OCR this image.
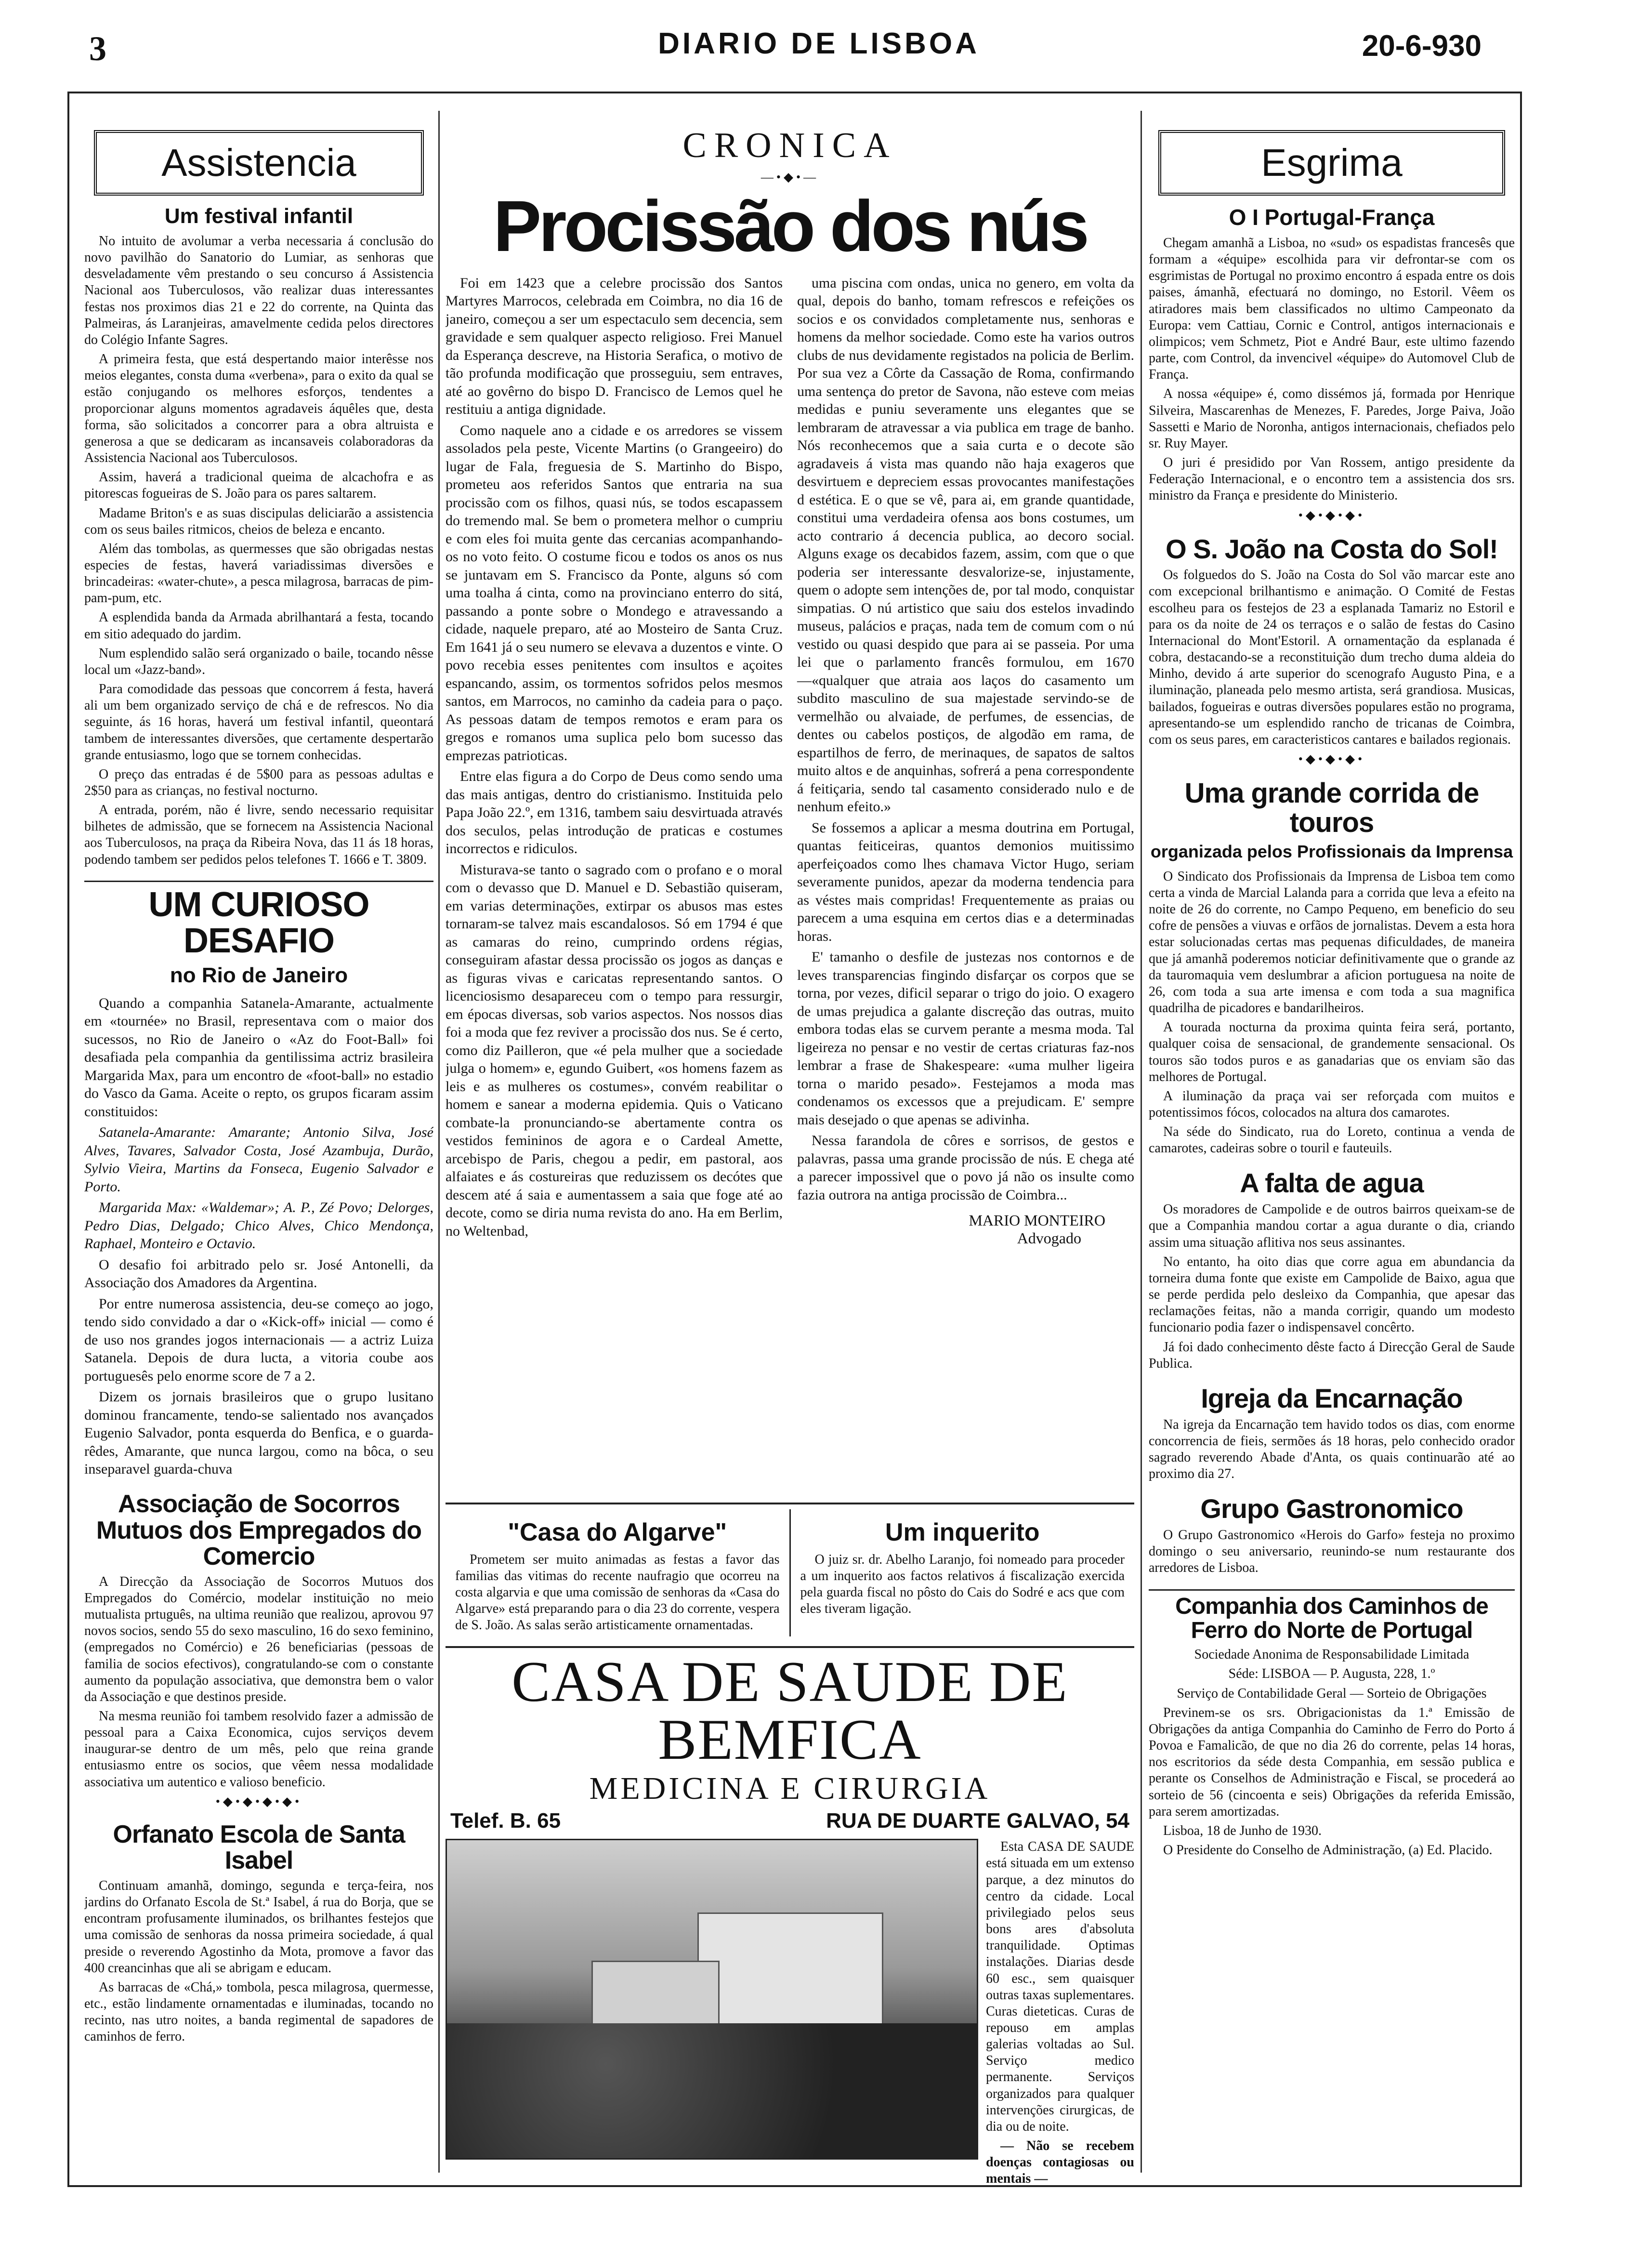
3	DIARIO DE LISBOA	20-6-930
Assistencia
Um festival infantil

No intuito de avolumar a verba necessaria á conclusão do novo pavilhão do Sanatorio do Lumiar, as senhoras que desveladamente vêm prestando o seu concurso á Assistencia Nacional aos Tuberculosos, vão realizar duas interessantes festas nos proximos dias 21 e 22 do corrente, na Quinta das Palmeiras, ás Laranjeiras, amavelmente cedida pelos directores do Colégio Infante Sagres.

A primeira festa, que está despertando maior interêsse nos meios elegantes, consta duma «verbena», para o exito da qual se estão conjugando os melhores esforços, tendentes a proporcionar alguns momentos agradaveis áquêles que, desta forma, são solicitados a concorrer para a obra altruista e generosa a que se dedicaram as incansaveis colaboradoras da Assistencia Nacional aos Tuberculosos.

Assim, haverá a tradicional queima de alcachofra e as pitorescas fogueiras de S. João para os pares saltarem.

Madame Briton's e as suas discipulas deliciarão a assistencia com os seus bailes ritmicos, cheios de beleza e encanto.

Além das tombolas, as quermesses que são obrigadas nestas especies de festas, haverá variadissimas diversões e brincadeiras: «water-chute», a pesca milagrosa, barracas de pim-pam-pum, etc.

A esplendida banda da Armada abrilhantará a festa, tocando em sitio adequado do jardim.

Num esplendido salão será organizado o baile, tocando nêsse local um «Jazz-band».

Para comodidade das pessoas que concorrem á festa, haverá ali um bem organizado serviço de chá e de refrescos. No dia seguinte, ás 16 horas, haverá um festival infantil, queontará tambem de interessantes diversões, que certamente despertarão grande entusiasmo, logo que se tornem conhecidas.

O preço das entradas é de 5$00 para as pessoas adultas e 2$50 para as crianças, no festival nocturno.

A entrada, porém, não é livre, sendo necessario requisitar bilhetes de admissão, que se fornecem na Assistencia Nacional aos Tuberculosos, na praça da Ribeira Nova, das 11 ás 18 horas, podendo tambem ser pedidos pelos telefones T. 1666 e T. 3809.

UM CURIOSO DESAFIO
no Rio de Janeiro

Quando a companhia Satanela-Amarante, actualmente em «tournée» no Brasil, representava com o maior dos sucessos, no Rio de Janeiro o «Az do Foot-Ball» foi desafiada pela companhia da gentilissima actriz brasileira Margarida Max, para um encontro de «foot-ball» no estadio do Vasco da Gama. Aceite o repto, os grupos ficaram assim constituidos:

Satanela-Amarante: Amarante; Antonio Silva, José Alves, Tavares, Salvador Costa, José Azambuja, Durão, Sylvio Vieira, Martins da Fonseca, Eugenio Salvador e Porto.

Margarida Max: «Waldemar»; A. P., Zé Povo; Delorges, Pedro Dias, Delgado; Chico Alves, Chico Mendonça, Raphael, Monteiro e Octavio.

O desafio foi arbitrado pelo sr. José Antonelli, da Associação dos Amadores da Argentina.

Por entre numerosa assistencia, deu-se começo ao jogo, tendo sido convidado a dar o «Kick-off» inicial — como é de uso nos grandes jogos internacionais — a actriz Luiza Satanela. Depois de dura lucta, a vitoria coube aos portuguesês pelo enorme score de 7 a 2.

Dizem os jornais brasileiros que o grupo lusitano dominou francamente, tendo-se salientado nos avançados Eugenio Salvador, ponta esquerda do Benfica, e o guarda-rêdes, Amarante, que nunca largou, como na bôca, o seu inseparavel guarda-chuva

Associação de Socorros Mutuos dos Empregados do Comercio

A Direcção da Associação de Socorros Mutuos dos Empregados do Comércio, modelar instituição no meio mutualista prtuguês, na ultima reunião que realizou, aprovou 97 novos socios, sendo 55 do sexo masculino, 16 do sexo feminino, (empregados no Comércio) e 26 beneficiarias (pessoas de familia de socios efectivos), congratulando-se com o constante aumento da população associativa, que demonstra bem o valor da Associação e que destinos preside.

Na mesma reunião foi tambem resolvido fazer a admissão de pessoal para a Caixa Economica, cujos serviços devem inaugurar-se dentro de um mês, pelo que reina grande entusiasmo entre os socios, que vêem nessa modalidade associativa um autentico e valioso beneficio.

•◆•◆•◆•◆•
Orfanato Escola de Santa Isabel

Continuam amanhã, domingo, segunda e terça-feira, nos jardins do Orfanato Escola de St.ª Isabel, á rua do Borja, que se encontram profusamente iluminados, os brilhantes festejos que uma comissão de senhoras da nossa primeira sociedade, á qual preside o reverendo Agostinho da Mota, promove a favor das 400 creancinhas que ali se abrigam e educam.

As barracas de «Chá,» tombola, pesca milagrosa, quermesse, etc., estão lindamente ornamentadas e iluminadas, tocando no recinto, nas utro noites, a banda regimental de sapadores de caminhos de ferro.

CRONICA
—•◆•—
Procissão dos nús

Foi em 1423 que a celebre procissão dos Santos Martyres Marrocos, celebrada em Coimbra, no dia 16 de janeiro, começou a ser um espectaculo sem decencia, sem gravidade e sem qualquer aspecto religioso. Frei Manuel da Esperança descreve, na Historia Serafica, o motivo de tão profunda modificação que prosseguiu, sem entraves, até ao govêrno do bispo D. Francisco de Lemos quel he restituiu a antiga dignidade.

Como naquele ano a cidade e os arredores se vissem assolados pela peste, Vicente Martins (o Grangeeiro) do lugar de Fala, freguesia de S. Martinho do Bispo, prometeu aos referidos Santos que entraria na sua procissão com os filhos, quasi nús, se todos escapassem do tremendo mal. Se bem o prometera melhor o cumpriu e com eles foi muita gente das cercanias acompanhando-os no voto feito. O costume ficou e todos os anos os nus se juntavam em S. Francisco da Ponte, alguns só com uma toalha á cinta, como na provinciano enterro do sitá, passando a ponte sobre o Mondego e atravessando a cidade, naquele preparo, até ao Mosteiro de Santa Cruz. Em 1641 já o seu numero se elevava a duzentos e vinte. O povo recebia esses penitentes com insultos e açoites espancando, assim, os tormentos sofridos pelos mesmos santos, em Marrocos, no caminho da cadeia para o paço. As pessoas datam de tempos remotos e eram para os gregos e romanos uma suplica pelo bom sucesso das emprezas patrioticas.

Entre elas figura a do Corpo de Deus como sendo uma das mais antigas, dentro do cristianismo. Instituida pelo Papa João 22.º, em 1316, tambem saiu desvirtuada através dos seculos, pelas introdução de praticas e costumes incorrectos e ridiculos.

Misturava-se tanto o sagrado com o profano e o moral com o devasso que D. Manuel e D. Sebastião quiseram, em varias determinações, extirpar os abusos mas estes tornaram-se talvez mais escandalosos. Só em 1794 é que as camaras do reino, cumprindo ordens régias, conseguiram afastar dessa procissão os jogos as danças e as figuras vivas e caricatas representando santos. O licenciosismo desapareceu com o tempo para ressurgir, em épocas diversas, sob varios aspectos. Nos nossos dias foi a moda que fez reviver a procissão dos nus. Se é certo, como diz Pailleron, que «é pela mulher que a sociedade julga o homem» e, egundo Guibert, «os homens fazem as leis e as mulheres os costumes», convém reabilitar o homem e sanear a moderna epidemia. Quis o Vaticano combate-la pronunciando-se abertamente contra os vestidos femininos de agora e o Cardeal Amette, arcebispo de Paris, chegou a pedir, em pastoral, aos alfaiates e ás costureiras que reduzissem os decótes que descem até á saia e aumentassem a saia que foge até ao decote, como se diria numa revista do ano. Ha em Berlim, no Weltenbad,

uma piscina com ondas, unica no genero, em volta da qual, depois do banho, tomam refrescos e refeições os socios e os convidados completamente nus, senhoras e homens da melhor sociedade. Como este ha varios outros clubs de nus devidamente registados na policia de Berlim. Por sua vez a Côrte da Cassação de Roma, confirmando uma sentença do pretor de Savona, não esteve com meias medidas e puniu severamente uns elegantes que se lembraram de atravessar a via publica em trage de banho. Nós reconhecemos que a saia curta e o decote são agradaveis á vista mas quando não haja exageros que desvirtuem e depreciem essas provocantes manifestações d estética. E o que se vê, para ai, em grande quantidade, constitui uma verdadeira ofensa aos bons costumes, um acto contrario á decencia publica, ao decoro social. Alguns exage os decabidos fazem, assim, com que o que poderia ser interessante desvalorize-se, injustamente, quem o adopte sem intenções de, por tal modo, conquistar simpatias. O nú artistico que saiu dos estelos invadindo museus, palácios e praças, nada tem de comum com o nú vestido ou quasi despido que para ai se passeia. Por uma lei que o parlamento francês formulou, em 1670 —«qualquer que atraia aos laços do casamento um subdito masculino de sua majestade servindo-se de vermelhão ou alvaiade, de perfumes, de essencias, de dentes ou cabelos postiços, de algodão em rama, de espartilhos de ferro, de merinaques, de sapatos de saltos muito altos e de anquinhas, sofrerá a pena correspondente á feitiçaria, sendo tal casamento considerado nulo e de nenhum efeito.»

Se fossemos a aplicar a mesma doutrina em Portugal, quantas feiticeiras, quantos demonios muitissimo aperfeiçoados como lhes chamava Victor Hugo, seriam severamente punidos, apezar da moderna tendencia para as véstes mais compridas! Frequentemente as praias ou parecem a uma esquina em certos dias e a determinadas horas.

E' tamanho o desfile de justezas nos contornos e de leves transparencias fingindo disfarçar os corpos que se torna, por vezes, dificil separar o trigo do joio. O exagero de umas prejudica a galante discreção das outras, muito embora todas elas se curvem perante a mesma moda. Tal ligeireza no pensar e no vestir de certas criaturas faz-nos lembrar a frase de Shakespeare: «uma mulher ligeira torna o marido pesado». Festejamos a moda mas condenamos os excessos que a prejudicam. E' sempre mais desejado o que apenas se adivinha.

Nessa farandola de côres e sorrisos, de gestos e palavras, passa uma grande procissão de nús. E chega até a parecer impossivel que o povo já não os insulte como fazia outrora na antiga procissão de Coimbra...

MARIO MONTEIRO
Advogado
"Casa do Algarve"

Prometem ser muito animadas as festas a favor das familias das vitimas do recente naufragio que ocorreu na costa algarvia e que uma comissão de senhoras da «Casa do Algarve» está preparando para o dia 23 do corrente, vespera de S. João. As salas serão artisticamente ornamentadas.

Um inquerito

O juiz sr. dr. Abelho Laranjo, foi nomeado para proceder a um inquerito aos factos relativos á fiscalização exercida pela guarda fiscal no pôsto do Cais do Sodré e acs que com eles tiveram ligação.

CASA DE SAUDE DE BEMFICA
MEDICINA E CIRURGIA
Telef. B. 65	RUA DE DUARTE GALVAO, 54

Esta CASA DE SAUDE está situada em um extenso parque, a dez minutos do centro da cidade. Local privilegiado pelos seus bons ares d'absoluta tranquilidade. Optimas instalações. Diarias desde 60 esc., sem quaisquer outras taxas suplementares. Curas dieteticas. Curas de repouso em amplas galerias voltadas ao Sul. Serviço medico permanente. Serviços organizados para qualquer intervenções cirurgicas, de dia ou de noite.

— Não se recebem doenças contagiosas ou mentais —

Esgrima
O I Portugal-França

Chegam amanhã a Lisboa, no «sud» os espadistas francesês que formam a «équipe» escolhida para vir defrontar-se com os esgrimistas de Portugal no proximo encontro á espada entre os dois paises, ámanhã, efectuará no domingo, no Estoril. Vêem os atiradores mais bem classificados no ultimo Campeonato da Europa: vem Cattiau, Cornic e Control, antigos internacionais e olimpicos; vem Schmetz, Piot e André Baur, este ultimo fazendo parte, com Control, da invencivel «équipe» do Automovel Club de França.

A nossa «équipe» é, como dissémos já, formada por Henrique Silveira, Mascarenhas de Menezes, F. Paredes, Jorge Paiva, João Sassetti e Mario de Noronha, antigos internacionais, chefiados pelo sr. Ruy Mayer.

O juri é presidido por Van Rossem, antigo presidente da Federação Internacional, e o encontro tem a assistencia dos srs. ministro da França e presidente do Ministerio.

•◆•◆•◆•
O S. João na Costa do Sol!

Os folguedos do S. João na Costa do Sol vão marcar este ano com excepcional brilhantismo e animação. O Comité de Festas escolheu para os festejos de 23 a esplanada Tamariz no Estoril e para os da noite de 24 os terraços e o salão de festas do Casino Internacional do Mont'Estoril. A ornamentação da esplanada é cobra, destacando-se a reconstituição dum trecho duma aldeia do Minho, devido á arte superior do scenografo Augusto Pina, e a iluminação, planeada pelo mesmo artista, será grandiosa. Musicas, bailados, fogueiras e outras diversões populares estão no programa, apresentando-se um esplendido rancho de tricanas de Coimbra, com os seus pares, em caracteristicos cantares e bailados regionais.

•◆•◆•◆•
Uma grande corrida de touros
organizada pelos Profissionais da Imprensa

O Sindicato dos Profissionais da Imprensa de Lisboa tem como certa a vinda de Marcial Lalanda para a corrida que leva a efeito na noite de 26 do corrente, no Campo Pequeno, em beneficio do seu cofre de pensões a viuvas e orfãos de jornalistas. Devem a esta hora estar solucionadas certas mas pequenas dificuldades, de maneira que já amanhã poderemos noticiar definitivamente que o grande az da tauromaquia vem deslumbrar a aficion portuguesa na noite de 26, com toda a sua arte imensa e com toda a sua magnifica quadrilha de picadores e bandarilheiros.

A tourada nocturna da proxima quinta feira será, portanto, qualquer coisa de sensacional, de grandemente sensacional. Os touros são todos puros e as ganadarias que os enviam são das melhores de Portugal.

A iluminação da praça vai ser reforçada com muitos e potentissimos fócos, colocados na altura dos camarotes.

Na séde do Sindicato, rua do Loreto, continua a venda de camarotes, cadeiras sobre o touril e fauteuils.

A falta de agua

Os moradores de Campolide e de outros bairros queixam-se de que a Companhia mandou cortar a agua durante o dia, criando assim uma situação aflitiva nos seus assinantes.

No entanto, ha oito dias que corre agua em abundancia da torneira duma fonte que existe em Campolide de Baixo, agua que se perde perdida pelo desleixo da Companhia, que apesar das reclamações feitas, não a manda corrigir, quando um modesto funcionario podia fazer o indispensavel concêrto.

Já foi dado conhecimento dêste facto á Direcção Geral de Saude Publica.

Igreja da Encarnação

Na igreja da Encarnação tem havido todos os dias, com enorme concorrencia de fieis, sermões ás 18 horas, pelo conhecido orador sagrado reverendo Abade d'Anta, os quais continuarão até ao proximo dia 27.

Grupo Gastronomico

O Grupo Gastronomico «Herois do Garfo» festeja no proximo domingo o seu aniversario, reunindo-se num restaurante dos arredores de Lisboa.

Companhia dos Caminhos de Ferro do Norte de Portugal

Sociedade Anonima de Responsabilidade Limitada

Séde: LISBOA — P. Augusta, 228, 1.º

Serviço de Contabilidade Geral — Sorteio de Obrigações

Previnem-se os srs. Obrigacionistas da 1.ª Emissão de Obrigações da antiga Companhia do Caminho de Ferro do Porto á Povoa e Famalicão, de que no dia 26 do corrente, pelas 14 horas, nos escritorios da séde desta Companhia, em sessão publica e perante os Conselhos de Administração e Fiscal, se procederá ao sorteio de 56 (cincoenta e seis) Obrigações da referida Emissão, para serem amortizadas.

Lisboa, 18 de Junho de 1930.

O Presidente do Conselho de Administração, (a) Ed. Placido.
